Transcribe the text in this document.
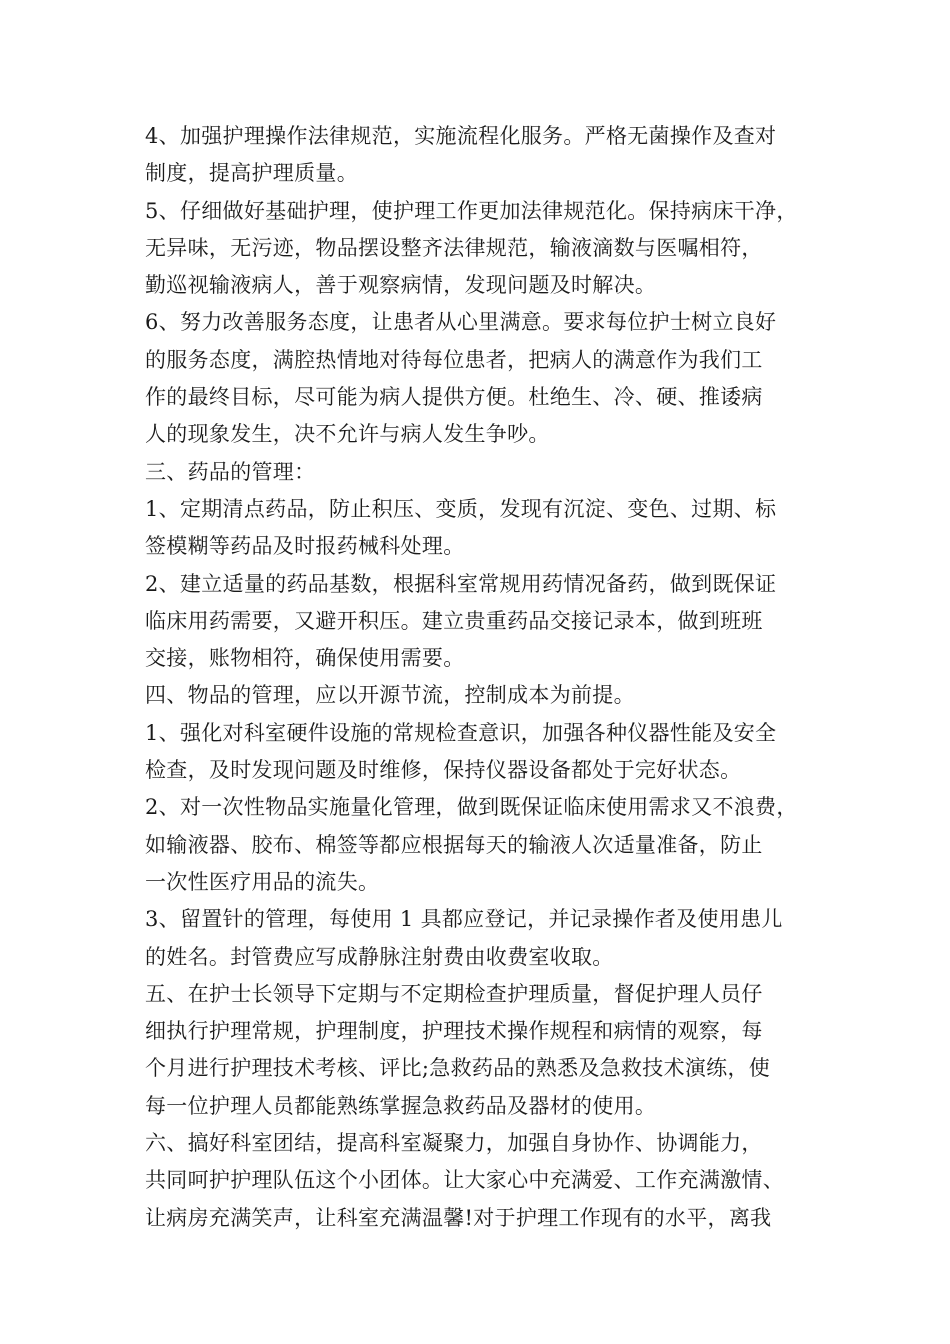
4、加强护理操作法律规范，实施流程化服务。严格无菌操作及查对
制度，提高护理质量。
5、仔细做好基础护理，使护理工作更加法律规范化。保持病床干净，
无异味，无污迹，物品摆设整齐法律规范，输液滴数与医嘱相符，
勤巡视输液病人，善于观察病情，发现问题及时解决。
6、努力改善服务态度，让患者从心里满意。要求每位护士树立良好
的服务态度，满腔热情地对待每位患者，把病人的满意作为我们工
作的最终目标，尽可能为病人提供方便。杜绝生、冷、硬、推诿病
人的现象发生，决不允许与病人发生争吵。
三、药品的管理：
1、定期清点药品，防止积压、变质，发现有沉淀、变色、过期、标
签模糊等药品及时报药械科处理。
2、建立适量的药品基数，根据科室常规用药情况备药，做到既保证
临床用药需要，又避开积压。建立贵重药品交接记录本，做到班班
交接，账物相符，确保使用需要。
四、物品的管理，应以开源节流，控制成本为前提。
1、强化对科室硬件设施的常规检查意识，加强各种仪器性能及安全
检查，及时发现问题及时维修，保持仪器设备都处于完好状态。
2、对一次性物品实施量化管理，做到既保证临床使用需求又不浪费，
如输液器、胶布、棉签等都应根据每天的输液人次适量准备，防止
一次性医疗用品的流失。
3、留置针的管理，每使用 1 具都应登记，并记录操作者及使用患儿
的姓名。封管费应写成静脉注射费由收费室收取。
五、在护士长领导下定期与不定期检查护理质量，督促护理人员仔
细执行护理常规，护理制度，护理技术操作规程和病情的观察，每
个月进行护理技术考核、评比;急救药品的熟悉及急救技术演练，使
每一位护理人员都能熟练掌握急救药品及器材的使用。
六、搞好科室团结，提高科室凝聚力，加强自身协作、协调能力，
共同呵护护理队伍这个小团体。让大家心中充满爱、工作充满激情、
让病房充满笑声，让科室充满温馨!对于护理工作现有的水平，离我
